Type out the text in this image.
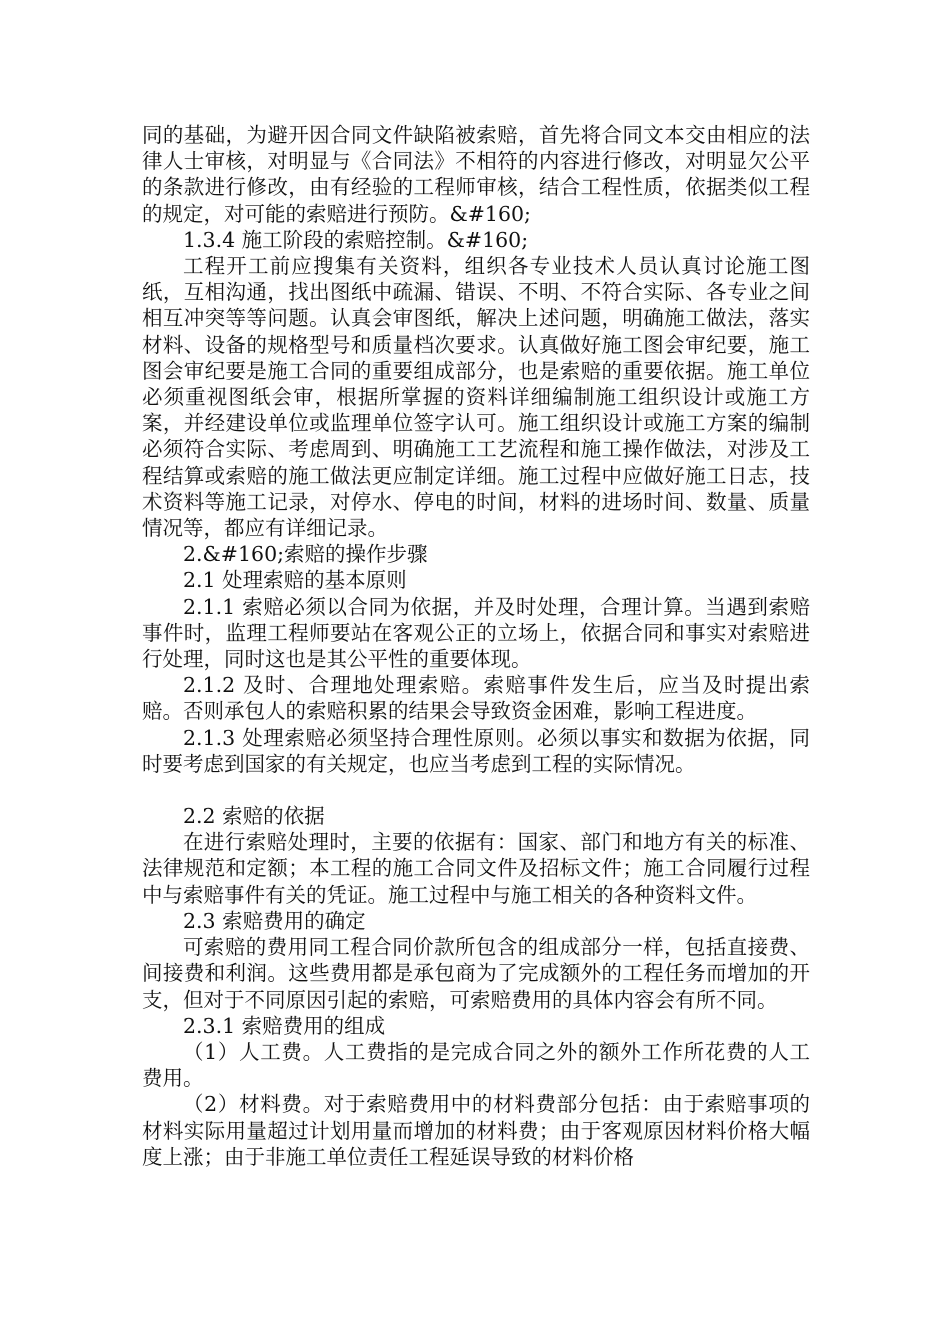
同的基础，为避开因合同文件缺陷被索赔，首先将合同文本交由相应的法律人士审核，对明显与《合同法》不相符的内容进行修改，对明显欠公平的条款进行修改，由有经验的工程师审核，结合工程性质，依据类似工程的规定，对可能的索赔进行预防。&#160;

1.3.4 施工阶段的索赔控制。&#160;

工程开工前应搜集有关资料，组织各专业技术人员认真讨论施工图纸，互相沟通，找出图纸中疏漏、错误、不明、不符合实际、各专业之间相互冲突等等问题。认真会审图纸，解决上述问题，明确施工做法，落实材料、设备的规格型号和质量档次要求。认真做好施工图会审纪要，施工图会审纪要是施工合同的重要组成部分，也是索赔的重要依据。施工单位必须重视图纸会审，根据所掌握的资料详细编制施工组织设计或施工方案，并经建设单位或监理单位签字认可。施工组织设计或施工方案的编制必须符合实际、考虑周到、明确施工工艺流程和施工操作做法，对涉及工程结算或索赔的施工做法更应制定详细。施工过程中应做好施工日志，技术资料等施工记录，对停水、停电的时间，材料的进场时间、数量、质量情况等，都应有详细记录。

2.&#160;索赔的操作步骤

2.1 处理索赔的基本原则

2.1.1 索赔必须以合同为依据，并及时处理，合理计算。当遇到索赔事件时，监理工程师要站在客观公正的立场上，依据合同和事实对索赔进行处理，同时这也是其公平性的重要体现。

2.1.2 及时、合理地处理索赔。索赔事件发生后，应当及时提出索赔。否则承包人的索赔积累的结果会导致资金困难，影响工程进度。

2.1.3 处理索赔必须坚持合理性原则。必须以事实和数据为依据，同时要考虑到国家的有关规定，也应当考虑到工程的实际情况。

2.2 索赔的依据

在进行索赔处理时，主要的依据有：国家、部门和地方有关的标准、法律规范和定额；本工程的施工合同文件及招标文件；施工合同履行过程中与索赔事件有关的凭证。施工过程中与施工相关的各种资料文件。

2.3 索赔费用的确定

可索赔的费用同工程合同价款所包含的组成部分一样，包括直接费、间接费和利润。这些费用都是承包商为了完成额外的工程任务而增加的开支，但对于不同原因引起的索赔，可索赔费用的具体内容会有所不同。

2.3.1 索赔费用的组成

（1）人工费。人工费指的是完成合同之外的额外工作所花费的人工费用。

（2）材料费。对于索赔费用中的材料费部分包括：由于索赔事项的材料实际用量超过计划用量而增加的材料费；由于客观原因材料价格大幅度上涨；由于非施工单位责任工程延误导致的材料价格
